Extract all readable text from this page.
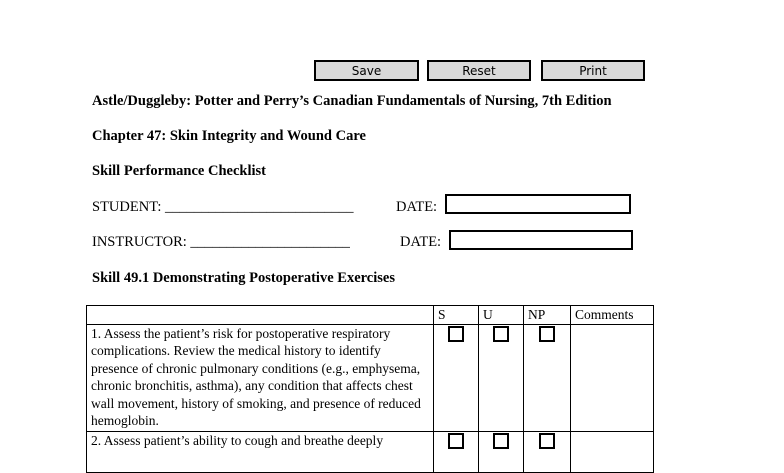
Save	Reset	Print
Astle/Duggleby: Potter and Perry’s Canadian Fundamentals of Nursing, 7th Edition
Chapter 47: Skin Integrity and Wound Care
Skill Performance Checklist
STUDENT: __________________________	DATE:
INSTRUCTOR: ______________________	DATE:
Skill 49.1 Demonstrating Postoperative Exercises
	S	U	NP	Comments
1. Assess the patient’s risk for postoperative respiratory complications. Review the medical history to identify presence of chronic pulmonary conditions (e.g., emphysema, chronic bronchitis, asthma), any condition that affects chest wall movement, history of smoking, and presence of reduced hemoglobin.				
2. Assess patient’s ability to cough and breathe deeply				
